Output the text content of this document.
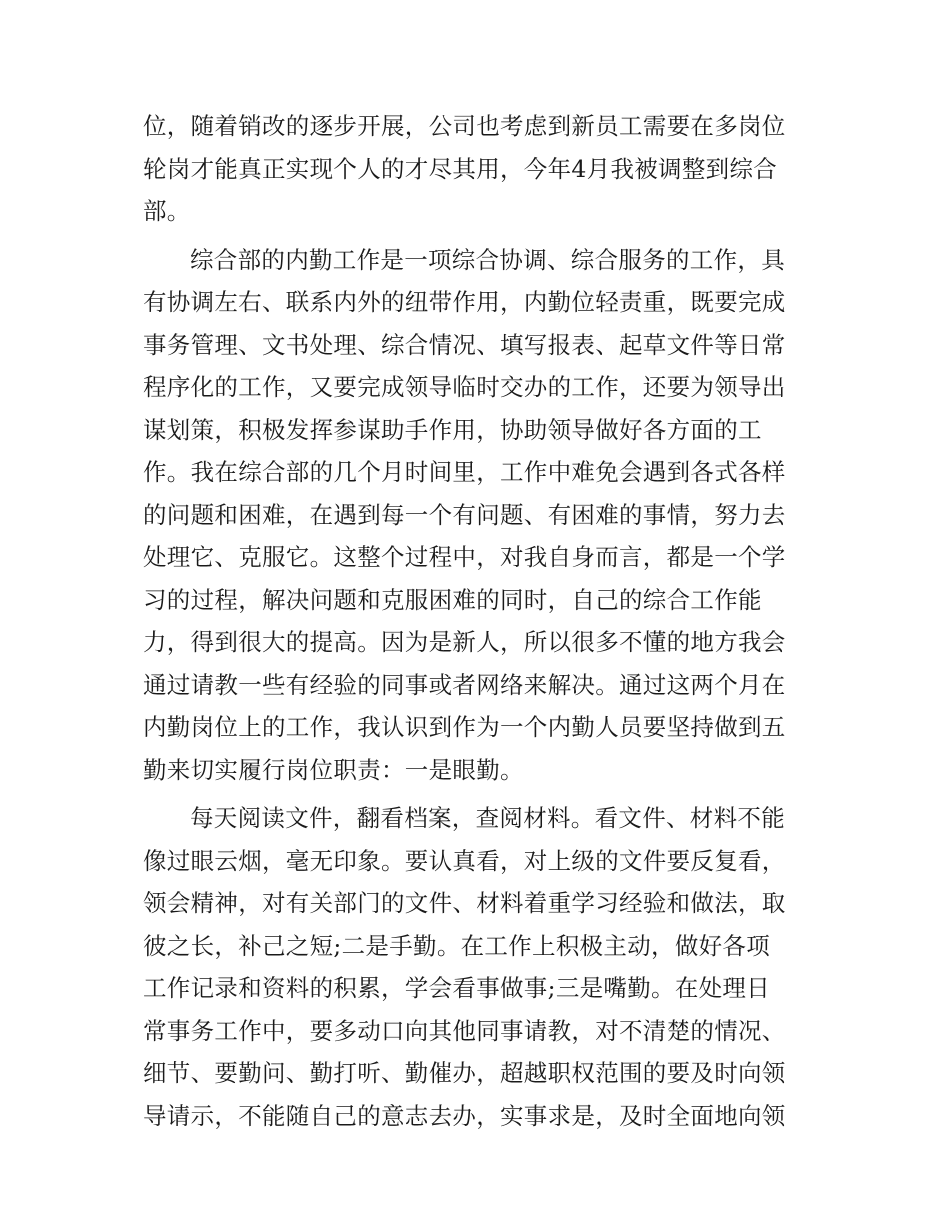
位，随着销改的逐步开展，公司也考虑到新员工需要在多岗位
轮岗才能真正实现个人的才尽其用，今年4月我被调整到综合
部。
综合部的内勤工作是一项综合协调、综合服务的工作，具
有协调左右、联系内外的纽带作用，内勤位轻责重，既要完成
事务管理、文书处理、综合情况、填写报表、起草文件等日常
程序化的工作，又要完成领导临时交办的工作，还要为领导出
谋划策，积极发挥参谋助手作用，协助领导做好各方面的工
作。我在综合部的几个月时间里，工作中难免会遇到各式各样
的问题和困难，在遇到每一个有问题、有困难的事情，努力去
处理它、克服它。这整个过程中，对我自身而言，都是一个学
习的过程，解决问题和克服困难的同时，自己的综合工作能
力，得到很大的提高。因为是新人，所以很多不懂的地方我会
通过请教一些有经验的同事或者网络来解决。通过这两个月在
内勤岗位上的工作，我认识到作为一个内勤人员要坚持做到五
勤来切实履行岗位职责：一是眼勤。
每天阅读文件，翻看档案，查阅材料。看文件、材料不能
像过眼云烟，毫无印象。要认真看，对上级的文件要反复看，
领会精神，对有关部门的文件、材料着重学习经验和做法，取
彼之长，补己之短;二是手勤。在工作上积极主动，做好各项
工作记录和资料的积累，学会看事做事;三是嘴勤。在处理日
常事务工作中，要多动口向其他同事请教，对不清楚的情况、
细节、要勤问、勤打听、勤催办，超越职权范围的要及时向领
导请示，不能随自己的意志去办，实事求是，及时全面地向领
